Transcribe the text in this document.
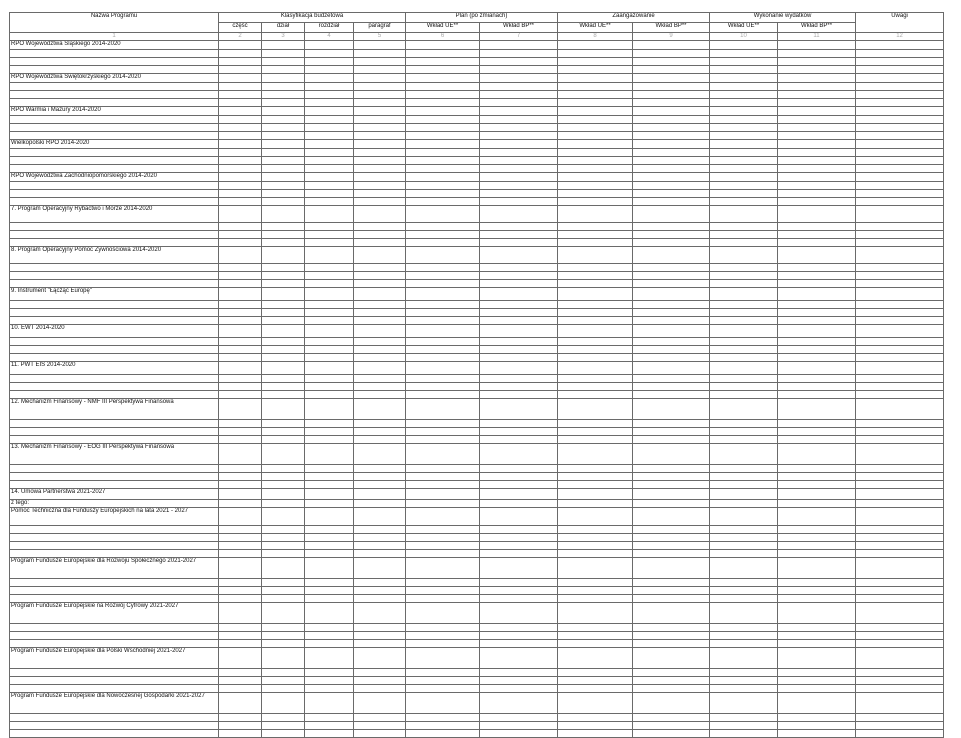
Nazwa Programu	Klasyfikacja budżetowa				Plan (po zmianach)		Zaangażowanie		Wykonanie wydatków		Uwagi
	część	dział	rozdział	paragraf	Wkład UE**	Wkład BP**	Wkład UE**	Wkład BP**	Wkład UE**	Wkład BP**	
1	2	3	4	5	6	7	8	9	10	11	12
RPO Województwa Śląskiego 2014-2020											

RPO Województwa Świętokrzyskiego 2014-2020											

RPO Warmia i Mazury 2014-2020											

Wielkopolski RPO 2014-2020											

RPO Województwa Zachodniopomorskiego 2014-2020											

7. Program Operacyjny Rybactwo i Morze 2014-2020											

8. Program Operacyjny Pomoc Żywnościowa 2014-2020											

9. Instrument "Łącząc Europę"											

10. EWT 2014-2020											

11. PWT EIS 2014-2020											

12. Mechanizm Finansowy - NMF III Perspektywa Finansowa											

13. Mechanizm Finansowy - EOG III Perspektywa Finansowa											

14. Umowa Partnerstwa 2021-2027											
z tego:											
Pomoc Techniczna dla Funduszy Europejskich na lata 2021 - 2027											

Program Fundusze Europejskie dla Rozwoju Społecznego 2021-2027											

Program Fundusze Europejskie na Rozwój Cyfrowy 2021-2027											

Program Fundusze Europejskie dla Polski Wschodniej 2021-2027											

Program Fundusze Europejskie dla Nowoczesnej Gospodarki 2021-2027											
